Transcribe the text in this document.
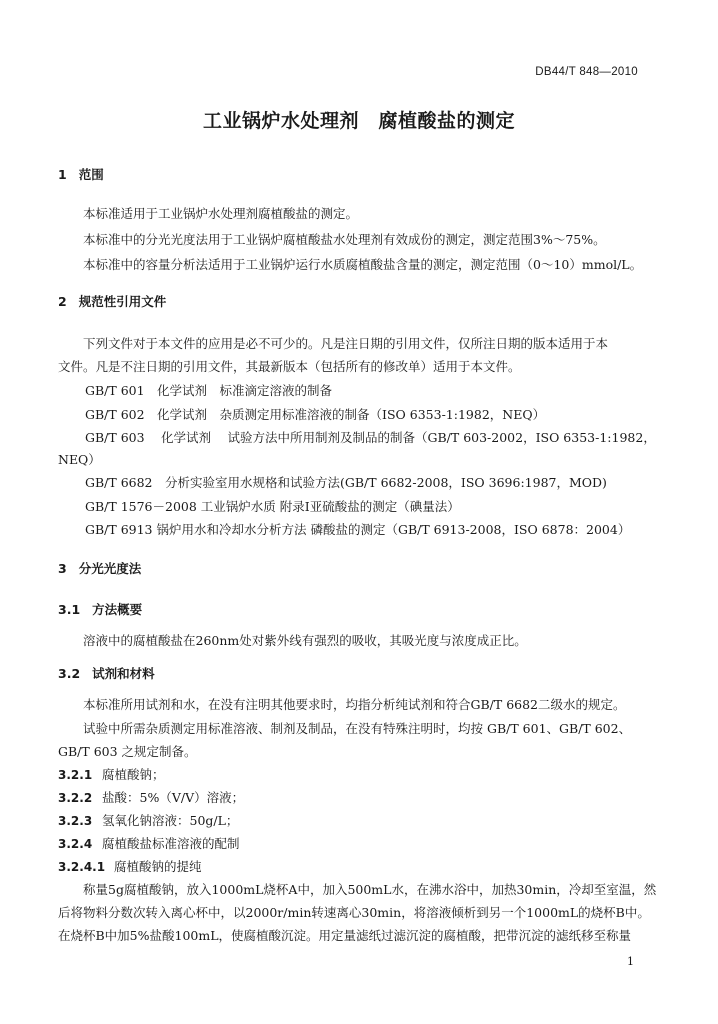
DB44/T 848—2010
工业锅炉水处理剂　腐植酸盐的测定
1 范围
本标准适用于工业锅炉水处理剂腐植酸盐的测定。
本标准中的分光光度法用于工业锅炉腐植酸盐水处理剂有效成份的测定，测定范围3%～75%。
本标准中的容量分析法适用于工业锅炉运行水质腐植酸盐含量的测定，测定范围（0～10）mmol/L。
2 规范性引用文件
下列文件对于本文件的应用是必不可少的。凡是注日期的引用文件，仅所注日期的版本适用于本
文件。凡是不注日期的引用文件，其最新版本（包括所有的修改单）适用于本文件。
GB/T 601　化学试剂　标准滴定溶液的制备
GB/T 602　化学试剂　杂质测定用标准溶液的制备（ISO 6353-1:1982，NEQ）
GB/T 603　 化学试剂　 试验方法中所用制剂及制品的制备（GB/T 603-2002，ISO 6353-1:1982，
NEQ）
GB/T 6682　分析实验室用水规格和试验方法(GB/T 6682-2008，ISO 3696:1987，MOD)
GB/T 1576－2008 工业锅炉水质 附录I亚硫酸盐的测定（碘量法）
GB/T 6913 锅炉用水和冷却水分析方法 磷酸盐的测定（GB/T 6913-2008，ISO 6878：2004）
3 分光光度法
3.1 方法概要
溶液中的腐植酸盐在260nm处对紫外线有强烈的吸收，其吸光度与浓度成正比。
3.2 试剂和材料
本标准所用试剂和水，在没有注明其他要求时，均指分析纯试剂和符合GB/T 6682二级水的规定。
试验中所需杂质测定用标准溶液、制剂及制品，在没有特殊注明时，均按 GB/T 601、GB/T 602、
GB/T 603 之规定制备。
3.2.1 腐植酸钠；
3.2.2 盐酸：5%（V/V）溶液；
3.2.3 氢氧化钠溶液：50g/L；
3.2.4 腐植酸盐标准溶液的配制
3.2.4.1 腐植酸钠的提纯
称量5g腐植酸钠，放入1000mL烧杯A中，加入500mL水，在沸水浴中，加热30min，冷却至室温，然
后将物料分数次转入离心杯中，以2000r/min转速离心30min，将溶液倾析到另一个1000mL的烧杯B中。
在烧杯B中加5%盐酸100mL，使腐植酸沉淀。用定量滤纸过滤沉淀的腐植酸，把带沉淀的滤纸移至称量
1
